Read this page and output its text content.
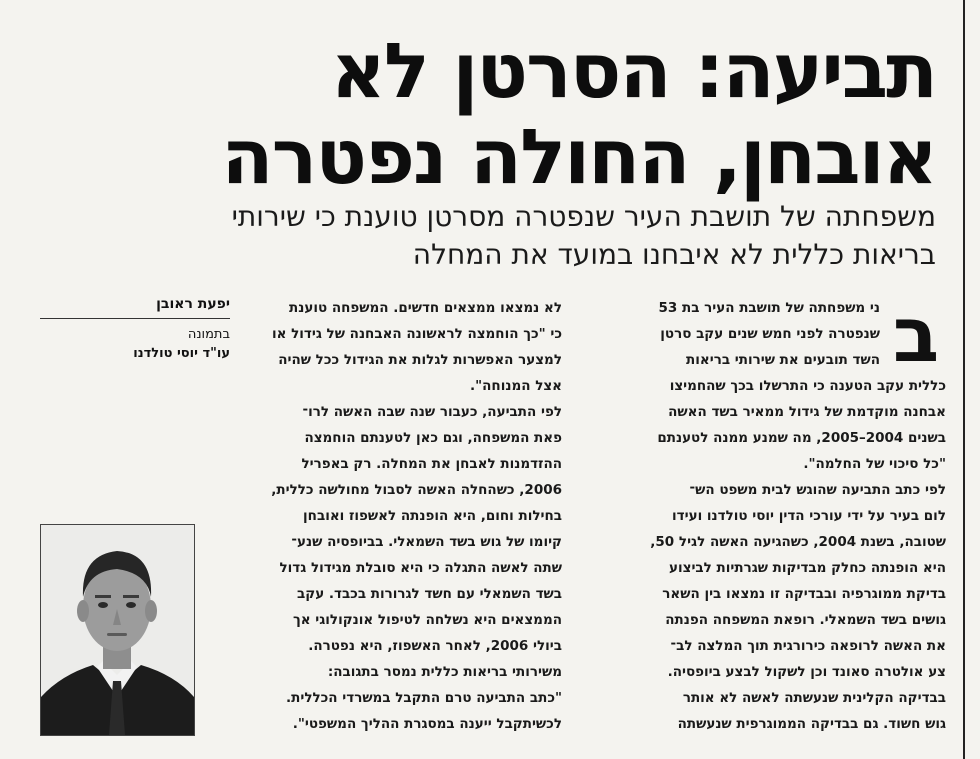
תביעה: הסרטן לא
אובחן, החולה נפטרה
משפחתה של תושבת העיר שנפטרה מסרטן טוענת כי שירותי
בריאות כללית לא איבחנו במועד את המחלה
ב
ני משפחתה של תושבת העיר בת 53
שנפטרה לפני חמש שנים עקב סרטן
השד תובעים את שירותי בריאות
כללית עקב הטענה כי התרשלו בכך שהחמיצו
אבחנה מוקדמת של גידול ממאיר בשד האשה
בשנים 2004–2005, מה שמנע ממנה לטענתם
"כל סיכוי של החלמה".
לפי כתב התביעה שהוגש לבית משפט הש־
לום בעיר על ידי עורכי הדין יוסי טולדנו ועידו
שטובה, בשנת 2004, כשהגיעה האשה לגיל 50,
היא הופנתה כחלק מבדיקות שגרתיות לביצוע
בדיקת ממוגרפיה ובבדיקה זו נמצאו בין השאר
גושים בשד השמאלי. רופאת המשפחה הפנתה
את האשה לרופאה כירורגית תוך המלצה לב־
צע אולטרה סאונד וכן לשקול לבצע ביופסיה.
בבדיקה הקלינית שנעשתה לאשה לא אותר
גוש חשוד. גם בבדיקה הממוגרפית שנעשתה
לא נמצאו ממצאים חדשים. המשפחה טוענת
כי "כך הוחמצה לראשונה האבחנה של גידול או
למצער האפשרות לגלות את הגידול ככל שהיה
אצל המנוחה".
לפי התביעה, כעבור שנה שבה האשה לרו־
פאת המשפחה, וגם כאן לטענתם הוחמצה
ההזדמנות לאבחן את המחלה. רק באפריל
2006, כשהחלה האשה לסבול מחולשה כללית,
בחילות וחום, היא הופנתה לאשפוז ואובחן
קיומו של גוש בשד השמאלי. בביופסיה שנע־
שתה לאשה התגלה כי היא סובלת מגידול גדול
בשד השמאלי עם חשד לגרורות בכבד. עקב
הממצאים היא נשלחה לטיפול אונקולוגי אך
ביולי 2006, לאחר האשפוז, היא נפטרה.
משירותי בריאות כללית נמסר בתגובה:
"כתב התביעה טרם התקבל במשרדי הכללית.
לכשיתקבל ייענה במסגרת ההליך המשפטי".
יפעת ראובן
בתמונה
עו"ד יוסי טולדנו
